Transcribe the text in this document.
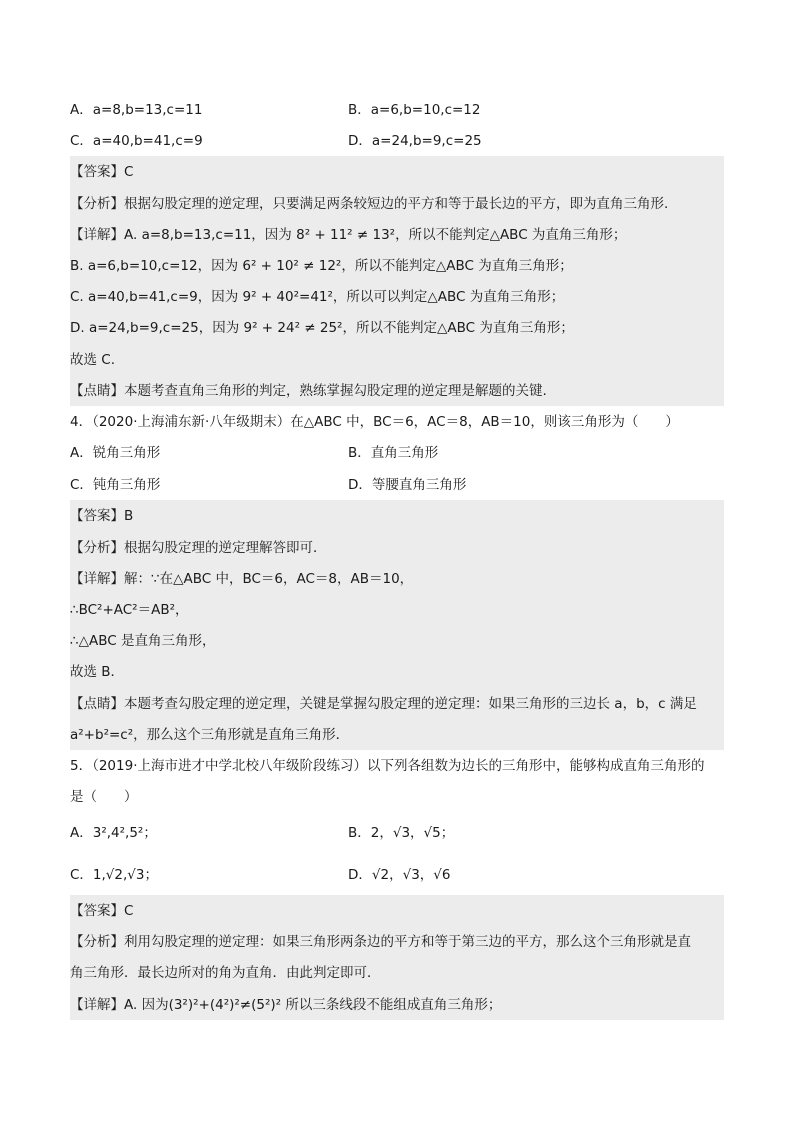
A．a=8,b=13,c=11	B．a=6,b=10,c=12
C．a=40,b=41,c=9	D．a=24,b=9,c=25
【答案】C
【分析】根据勾股定理的逆定理，只要满足两条较短边的平方和等于最长边的平方，即为直角三角形.
【详解】A. a=8,b=13,c=11，因为 8² + 11² ≠ 13²，所以不能判定△ABC 为直角三角形；
B. a=6,b=10,c=12，因为 6² + 10² ≠ 12²，所以不能判定△ABC 为直角三角形；
C. a=40,b=41,c=9，因为 9² + 40²=41²，所以可以判定△ABC 为直角三角形；
D. a=24,b=9,c=25，因为 9² + 24² ≠ 25²，所以不能判定△ABC 为直角三角形；
故选 C.
【点睛】本题考查直角三角形的判定，熟练掌握勾股定理的逆定理是解题的关键.
4．（2020·上海浦东新·八年级期末）在△ABC 中，BC＝6，AC＝8，AB＝10，则该三角形为（　　）
A．锐角三角形	B．直角三角形
C．钝角三角形	D．等腰直角三角形
【答案】B
【分析】根据勾股定理的逆定理解答即可．
【详解】解：∵在△ABC 中，BC＝6，AC＝8，AB＝10，
∴BC²+AC²＝AB²，
∴△ABC 是直角三角形，
故选 B．
【点睛】本题考查勾股定理的逆定理，关键是掌握勾股定理的逆定理：如果三角形的三边长 a，b，c 满足
a²+b²=c²，那么这个三角形就是直角三角形．
5．（2019·上海市进才中学北校八年级阶段练习）以下列各组数为边长的三角形中，能够构成直角三角形的
是（　　）
A．3²,4²,5²；	B．2，√3，√5；
C．1,√2,√3；	D．√2，√3，√6
【答案】C
【分析】利用勾股定理的逆定理：如果三角形两条边的平方和等于第三边的平方，那么这个三角形就是直
角三角形．最长边所对的角为直角．由此判定即可．
【详解】A. 因为(3²)²+(4²)²≠(5²)² 所以三条线段不能组成直角三角形；
